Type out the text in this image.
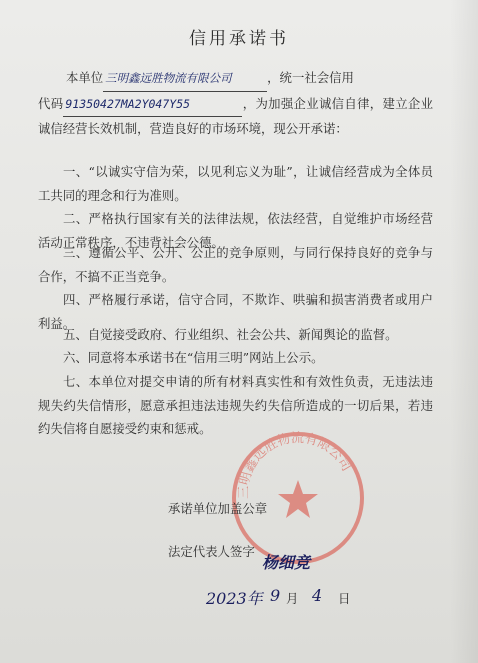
信用承诺书
本单位 三明鑫远胜物流有限公司	，统一社会信用
代码 91350427MA2Y047Y55	，为加强企业诚信自律，建立企业诚信经营长效机制，营造良好的市场环境，现公开承诺：
一、“以诚实守信为荣，以见利忘义为耻”，让诚信经营成为全体员工共同的理念和行为准则。
二、严格执行国家有关的法律法规，依法经营，自觉维护市场经营活动正常秩序，不违背社会公德。
三、遵循公平、公开、公正的竞争原则，与同行保持良好的竞争与合作，不搞不正当竞争。
四、严格履行承诺，信守合同，不欺诈、哄骗和损害消费者或用户利益。
五、自觉接受政府、行业组织、社会公共、新闻舆论的监督。
六、同意将本承诺书在“信用三明”网站上公示。
七、本单位对提交申请的所有材料真实性和有效性负责，无违法违规失约失信情形，愿意承担违法违规失约失信所造成的一切后果，若违约失信将自愿接受约束和惩戒。
三明鑫远胜物流有限公司
承诺单位加盖公章
法定代表人签字
杨细竞
2023年 9 月 4 日
